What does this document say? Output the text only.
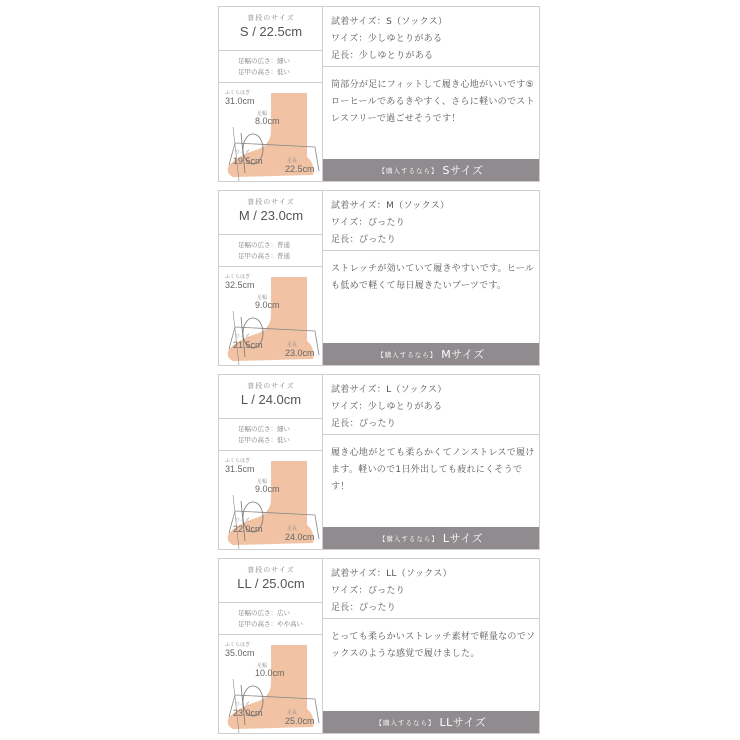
普段のサイズ
S / 22.5cm
足幅の広さ：細い
足甲の高さ：低い
ふくらはぎ
31.0cm
足幅
8.0cm
ワイズ
19.5cm	足長
22.5cm
試着サイズ：S（ソックス）
ワイズ：少しゆとりがある
足長：少しゆとりがある
筒部分が足にフィットして履き心地がいいです⑤ローヒールであるきやすく、さらに軽いのでストレスフリーで過ごせそうです！
【購入するなら】 Sサイズ
普段のサイズ
M / 23.0cm
足幅の広さ：普通
足甲の高さ：普通
ふくらはぎ
32.5cm
足幅
9.0cm
ワイズ
21.5cm	足長
23.0cm
試着サイズ：M（ソックス）
ワイズ：ぴったり
足長：ぴったり
ストレッチが効いていて履きやすいです。ヒールも低めで軽くて毎日履きたいブーツです。
【購入するなら】 Mサイズ
普段のサイズ
L / 24.0cm
足幅の広さ：細い
足甲の高さ：低い
ふくらはぎ
31.5cm
足幅
9.0cm
ワイズ
22.0cm	足長
24.0cm
試着サイズ：L（ソックス）
ワイズ：少しゆとりがある
足長：ぴったり
履き心地がとても柔らかくてノンストレスで履けます。軽いので1日外出しても疲れにくそうです！
【購入するなら】 Lサイズ
普段のサイズ
LL / 25.0cm
足幅の広さ：広い
足甲の高さ：やや高い
ふくらはぎ
35.0cm
足幅
10.0cm
ワイズ
23.0cm	足長
25.0cm
試着サイズ：LL（ソックス）
ワイズ：ぴったり
足長：ぴったり
とっても柔らかいストレッチ素材で軽量なのでソックスのような感覚で履けました。
【購入するなら】 LLサイズ
